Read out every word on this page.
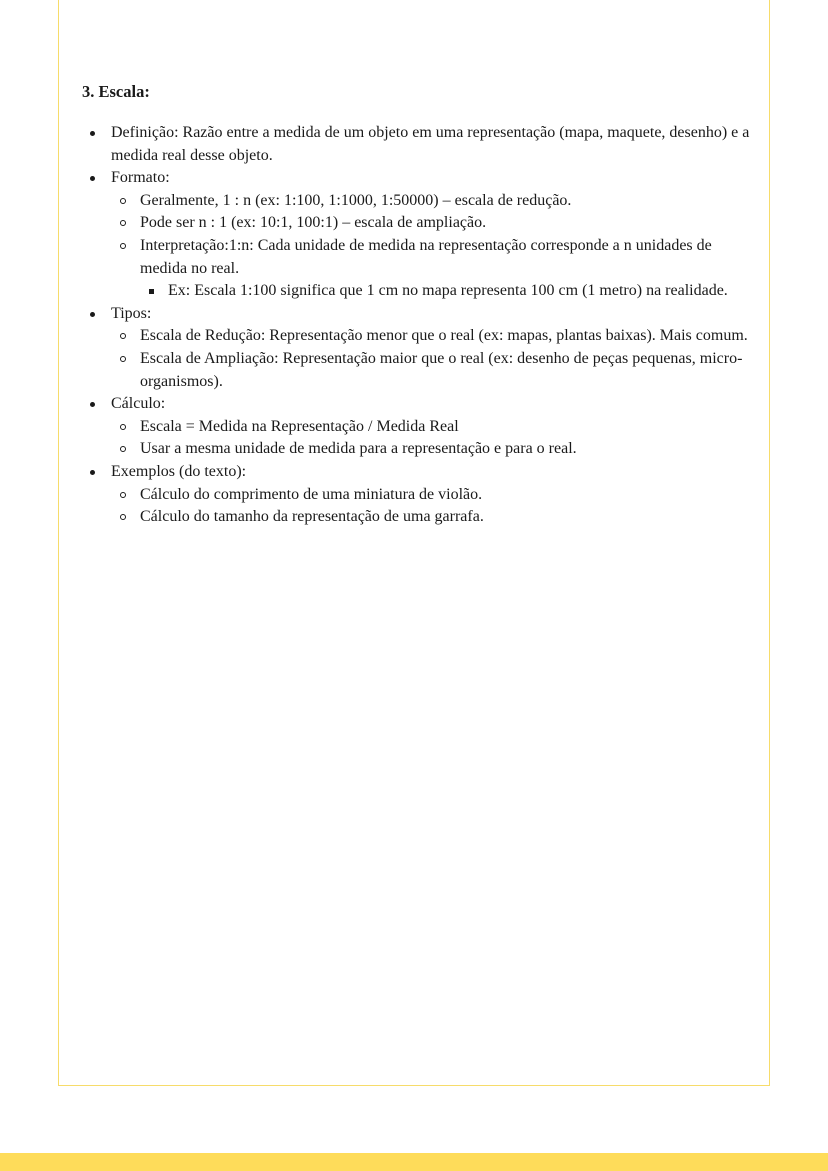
3. Escala:
Definição: Razão entre a medida de um objeto em uma representação (mapa, maquete, desenho) e a medida real desse objeto.
Formato:
Geralmente, 1 : n (ex: 1:100, 1:1000, 1:50000) – escala de redução.
Pode ser n : 1 (ex: 10:1, 100:1) – escala de ampliação.
Interpretação:1:n: Cada unidade de medida na representação corresponde a n unidades de medida no real.
Ex: Escala 1:100 significa que 1 cm no mapa representa 100 cm (1 metro) na realidade.
Tipos:
Escala de Redução: Representação menor que o real (ex: mapas, plantas baixas). Mais comum.
Escala de Ampliação: Representação maior que o real (ex: desenho de peças pequenas, micro-organismos).
Cálculo:
Escala = Medida na Representação / Medida Real
Usar a mesma unidade de medida para a representação e para o real.
Exemplos (do texto):
Cálculo do comprimento de uma miniatura de violão.
Cálculo do tamanho da representação de uma garrafa.
